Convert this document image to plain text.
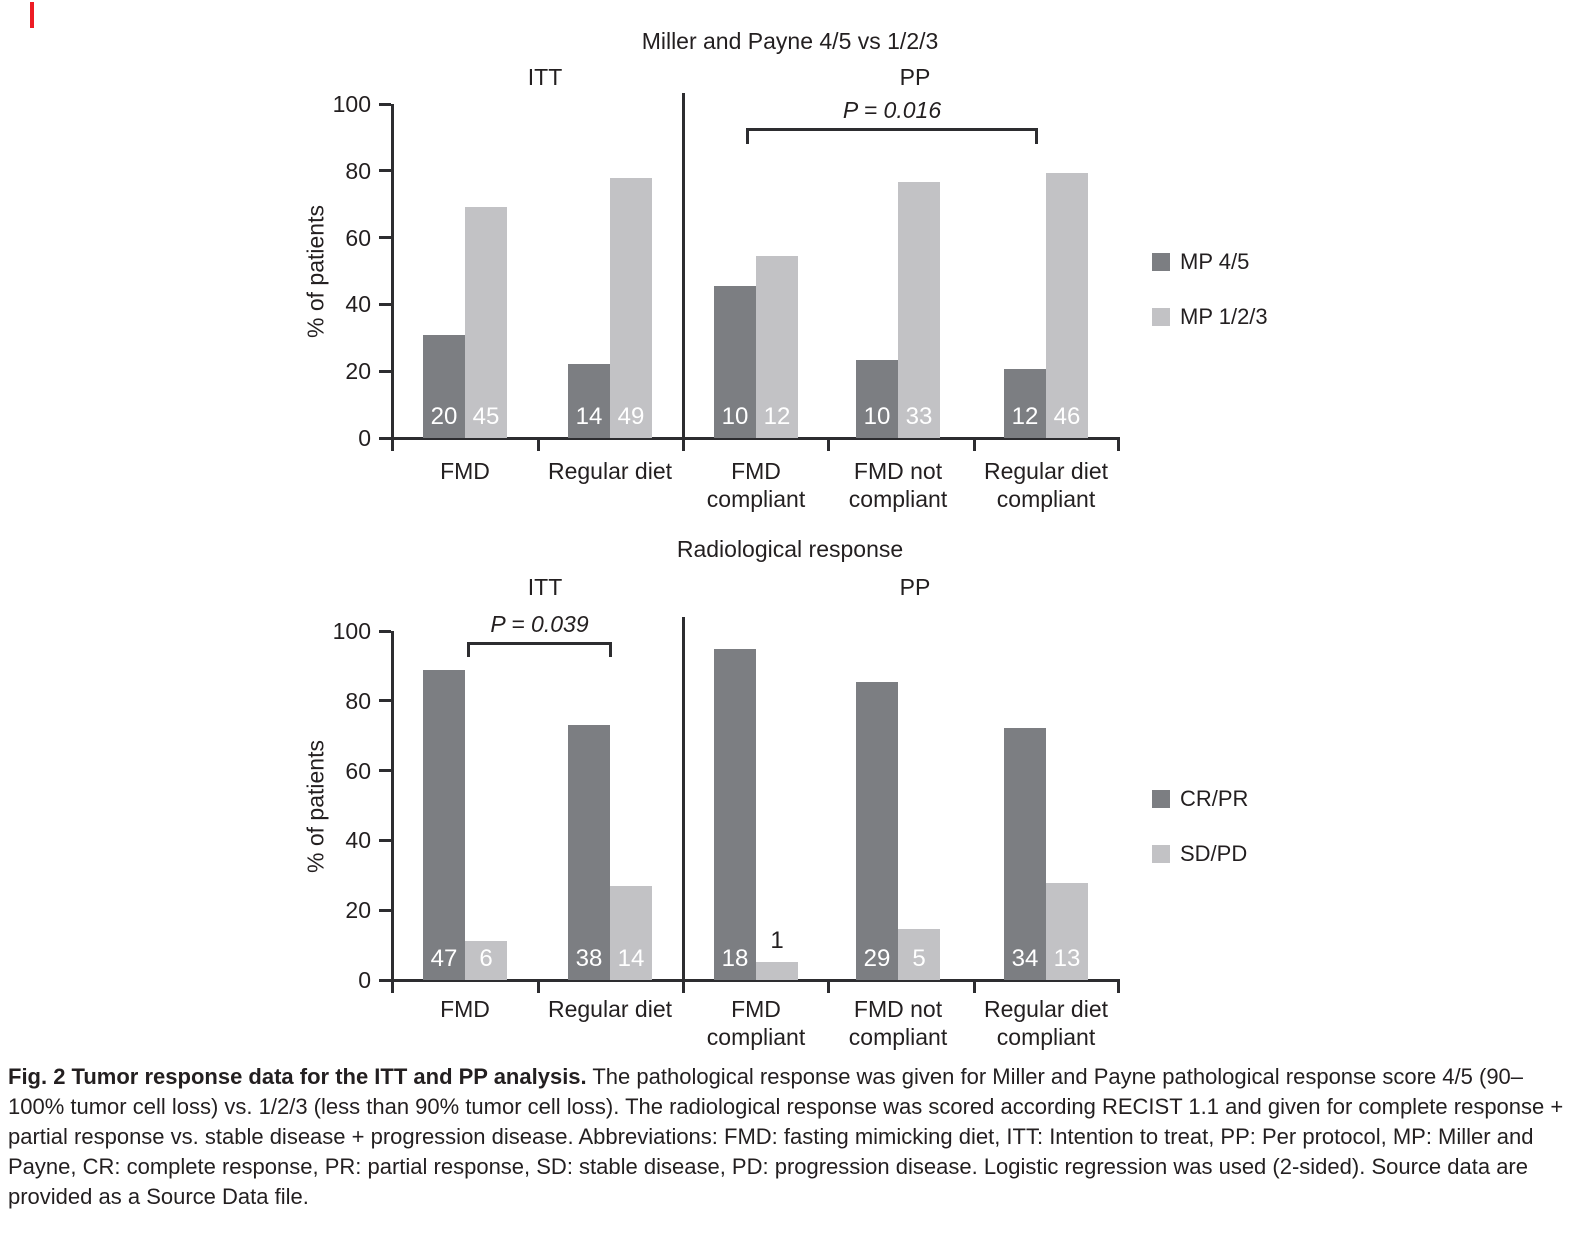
Miller and Payne 4/5 vs 1/2/3
ITT	PP
0
20
40
60
80
100
% of patients
20 45
FMD
14 49
Regular diet
10 12
FMD
compliant
10 33
FMD not
compliant
12 46
Regular diet
compliant
P = 0.016
MP 4/5
MP 1/2/3
Radiological response
ITT	PP
0
20
40
60
80
100
% of patients
47 6
FMD
38 14
Regular diet
18
1
FMD
compliant
29 5
FMD not
compliant
34 13
Regular diet
compliant
P = 0.039
CR/PR
SD/PD
Fig. 2 Tumor response data for the ITT and PP analysis. The pathological response was given for Miller and Payne pathological response score 4/5 (90–100% tumor cell loss) vs. 1/2/3 (less than 90% tumor cell loss). The radiological response was scored according RECIST 1.1 and given for complete response + partial response vs. stable disease + progression disease. Abbreviations: FMD: fasting mimicking diet, ITT: Intention to treat, PP: Per protocol, MP: Miller and Payne, CR: complete response, PR: partial response, SD: stable disease, PD: progression disease. Logistic regression was used (2-sided). Source data are provided as a Source Data file.
